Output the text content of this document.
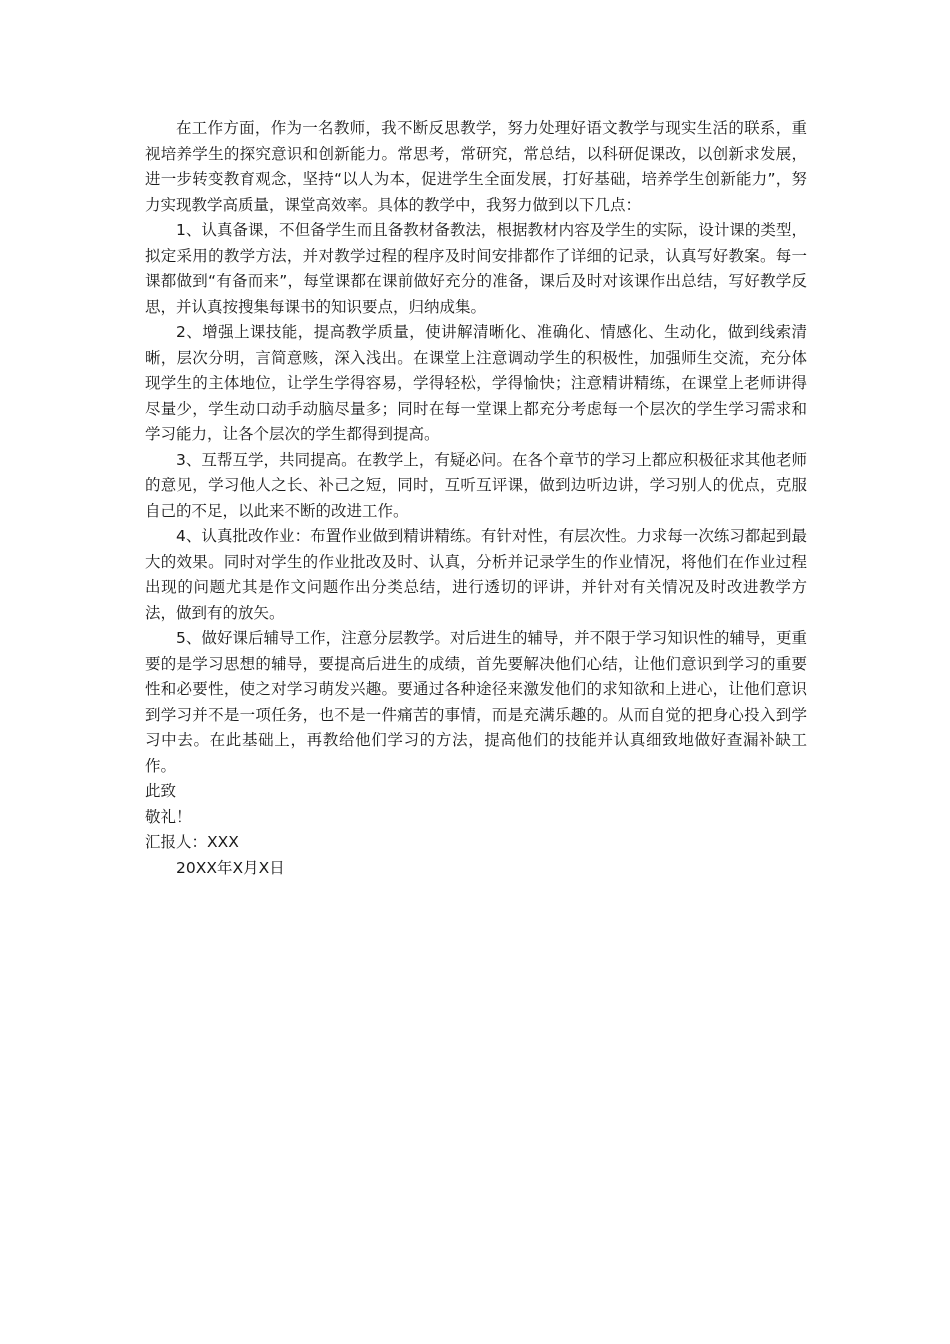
在工作方面，作为一名教师，我不断反思教学，努力处理好语文教学与现实生活的联系，重视培养学生的探究意识和创新能力。常思考，常研究，常总结，以科研促课改，以创新求发展，进一步转变教育观念，坚持“以人为本，促进学生全面发展，打好基础，培养学生创新能力”，努力实现教学高质量，课堂高效率。具体的教学中，我努力做到以下几点：

1、认真备课，不但备学生而且备教材备教法，根据教材内容及学生的实际，设计课的类型，拟定采用的教学方法，并对教学过程的程序及时间安排都作了详细的记录，认真写好教案。每一课都做到“有备而来”，每堂课都在课前做好充分的准备，课后及时对该课作出总结，写好教学反思，并认真按搜集每课书的知识要点，归纳成集。

2、增强上课技能，提高教学质量，使讲解清晰化、准确化、情感化、生动化，做到线索清晰，层次分明，言简意赅，深入浅出。在课堂上注意调动学生的积极性，加强师生交流，充分体现学生的主体地位，让学生学得容易，学得轻松，学得愉快；注意精讲精练，在课堂上老师讲得尽量少，学生动口动手动脑尽量多；同时在每一堂课上都充分考虑每一个层次的学生学习需求和学习能力，让各个层次的学生都得到提高。

3、互帮互学，共同提高。在教学上，有疑必问。在各个章节的学习上都应积极征求其他老师的意见，学习他人之长、补己之短，同时，互听互评课，做到边听边讲，学习别人的优点，克服自己的不足，以此来不断的改进工作。

4、认真批改作业：布置作业做到精讲精练。有针对性，有层次性。力求每一次练习都起到最大的效果。同时对学生的作业批改及时、认真，分析并记录学生的作业情况，将他们在作业过程出现的问题尤其是作文问题作出分类总结，进行透切的评讲，并针对有关情况及时改进教学方法，做到有的放矢。

5、做好课后辅导工作，注意分层教学。对后进生的辅导，并不限于学习知识性的辅导，更重要的是学习思想的辅导，要提高后进生的成绩，首先要解决他们心结，让他们意识到学习的重要性和必要性，使之对学习萌发兴趣。要通过各种途径来激发他们的求知欲和上进心，让他们意识到学习并不是一项任务，也不是一件痛苦的事情，而是充满乐趣的。从而自觉的把身心投入到学习中去。在此基础上，再教给他们学习的方法，提高他们的技能并认真细致地做好查漏补缺工作。

此致

敬礼！

汇报人：XXX

20XX年X月X日
